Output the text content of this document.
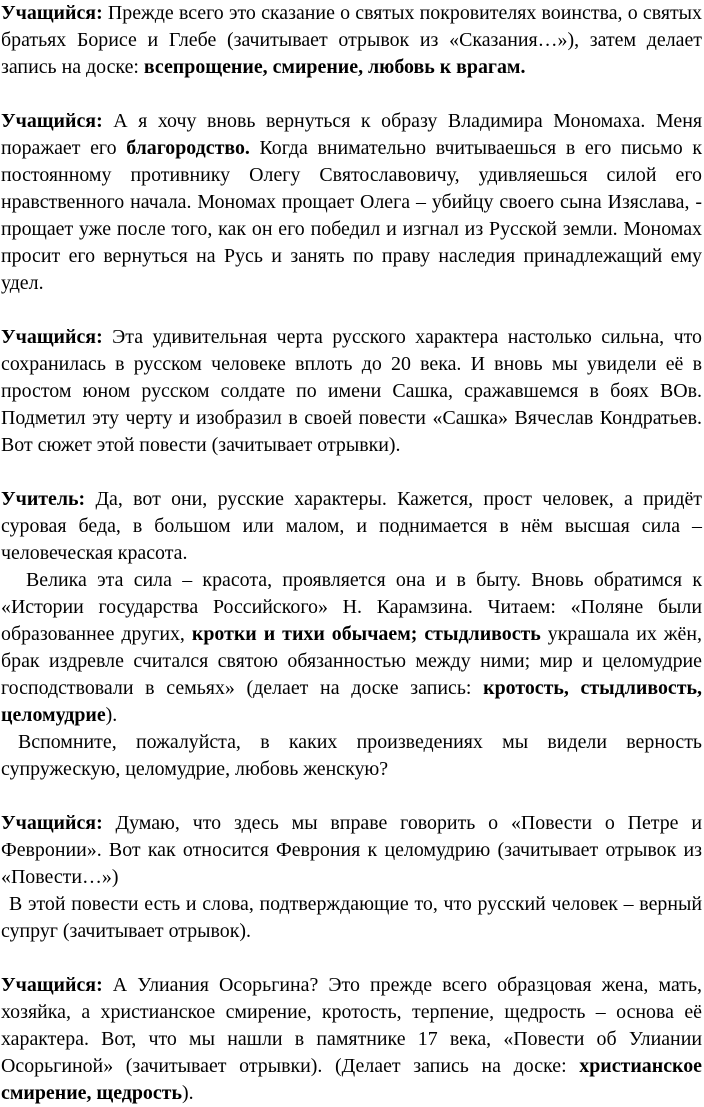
Учащийся: Прежде всего это сказание о святых покровителях воинства, о святых братьях Борисе и Глебе (зачитывает отрывок из «Сказания…»), затем делает запись на доске: всепрощение, смирение, любовь к врагам.

Учащийся: А я хочу вновь вернуться к образу Владимира Мономаха. Меня поражает его благородство. Когда внимательно вчитываешься в его письмо к постоянному противнику Олегу Святославовичу, удивляешься силой его нравственного начала. Мономах прощает Олега – убийцу своего сына Изяслава, - прощает уже после того, как он его победил и изгнал из Русской земли. Мономах просит его вернуться на Русь и занять по праву наследия принадлежащий ему удел.

Учащийся: Эта удивительная черта русского характера настолько сильна, что сохранилась в русском человеке вплоть до 20 века. И вновь мы увидели её в простом юном русском солдате по имени Сашка, сражавшемся в боях ВОв. Подметил эту черту и изобразил в своей повести «Сашка» Вячеслав Кондратьев. Вот сюжет этой повести (зачитывает отрывки).

Учитель: Да, вот они, русские характеры. Кажется, прост человек, а придёт суровая беда, в большом или малом, и поднимается в нём высшая сила – человеческая красота.

Велика эта сила – красота, проявляется она и в быту. Вновь обратимся к «Истории государства Российского» Н. Карамзина. Читаем: «Поляне были образованнее других, кротки и тихи обычаем; стыдливость украшала их жён, брак издревле считался святою обязанностью между ними; мир и целомудрие господствовали в семьях» (делает на доске запись: кротость, стыдливость, целомудрие).

Вспомните, пожалуйста, в каких произведениях мы видели верность супружескую, целомудрие, любовь женскую?

Учащийся: Думаю, что здесь мы вправе говорить о «Повести о Петре и Февронии». Вот как относится Феврония к целомудрию (зачитывает отрывок из «Повести…»)

В этой повести есть и слова, подтверждающие то, что русский человек – верный супруг (зачитывает отрывок).

Учащийся: А Улиания Осорьгина? Это прежде всего образцовая жена, мать, хозяйка, а христианское смирение, кротость, терпение, щедрость – основа её характера. Вот, что мы нашли в памятнике 17 века, «Повести об Улиании Осорьгиной» (зачитывает отрывки). (Делает запись на доске: христианское смирение, щедрость).
